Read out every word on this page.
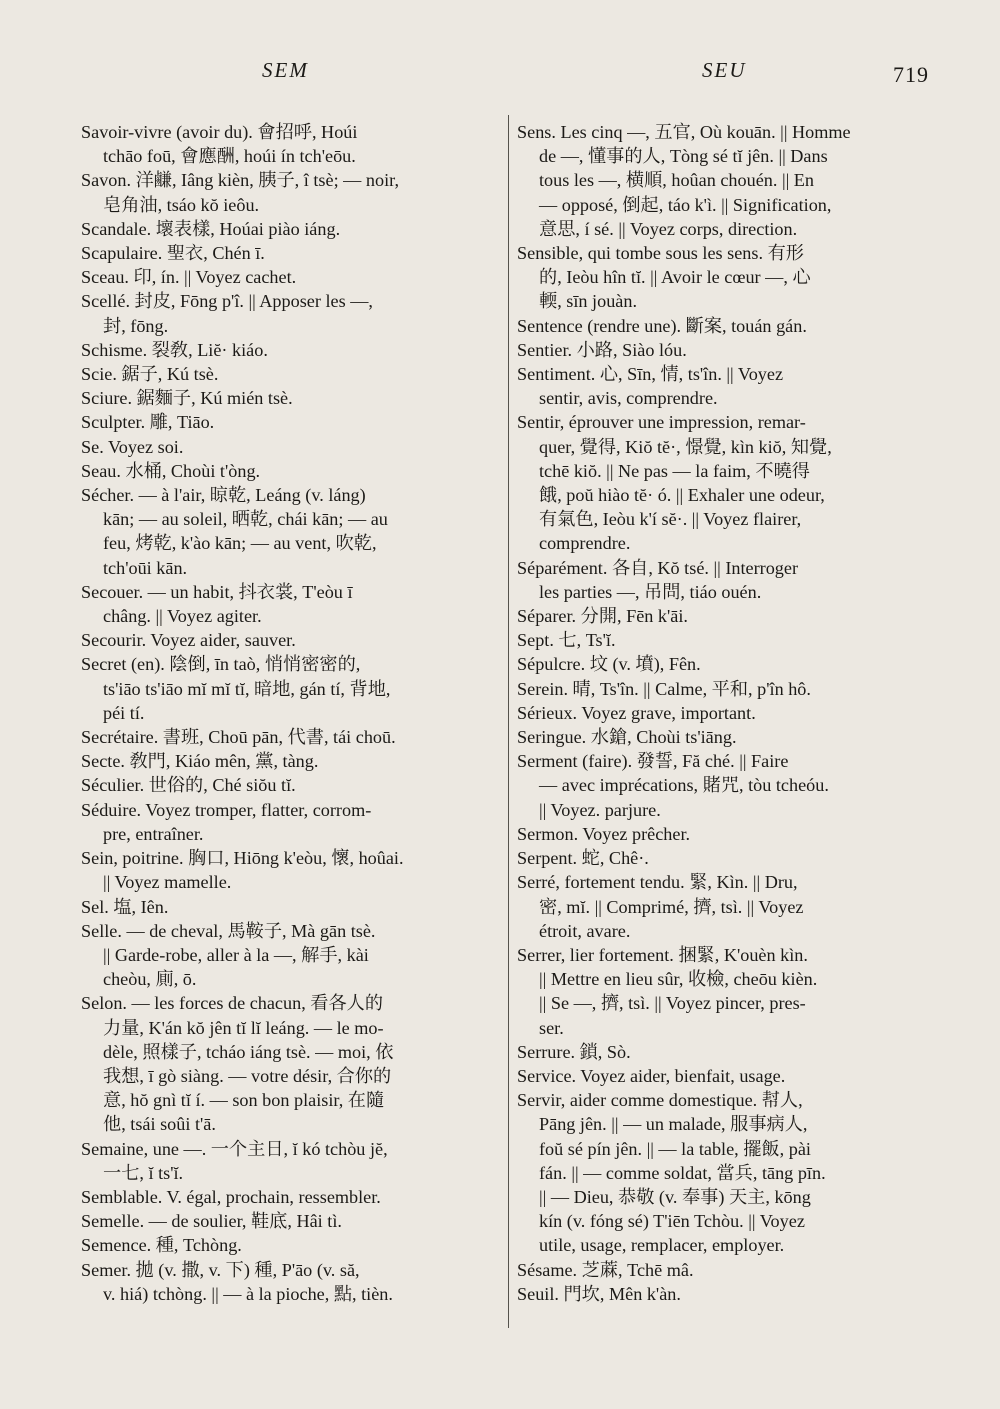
SEM	SEU	719
Savoir-vivre (avoir du). 會招呼, Hoúi
tchāo foū, 會應酬, hoúi ín tch'eōu.
Savon. 洋鹻, Iâng kièn, 胰子, î tsè; — noir,
皂角油, tsáo kŏ ieôu.
Scandale. 壞表樣, Hoúai piào iáng.
Scapulaire. 聖衣, Chén ī.
Sceau. 印, ín. || Voyez cachet.
Scellé. 封皮, Fōng p'î. || Apposer les —,
封, fōng.
Schisme. 裂敎, Liĕ· kiáo.
Scie. 鋸子, Kú tsè.
Sciure. 鋸麵子, Kú mién tsè.
Sculpter. 雕, Tiāo.
Se. Voyez soi.
Seau. 水桶, Choùi t'òng.
Sécher. — à l'air, 晾乾, Leáng (v. láng)
kān; — au soleil, 晒乾, chái kān; — au
feu, 烤乾, k'ào kān; — au vent, 吹乾,
tch'oūi kān.
Secouer. — un habit, 抖衣裳, T'eòu ī
châng. || Voyez agiter.
Secourir. Voyez aider, sauver.
Secret (en). 陰倒, īn taò, 悄悄密密的,
ts'iāo ts'iāo mĭ mĭ tĭ, 暗地, gán tí, 背地,
péi tí.
Secrétaire. 書班, Choū pān, 代書, tái choū.
Secte. 敎門, Kiáo mên, 黨, tàng.
Séculier. 世俗的, Ché siŏu tĭ.
Séduire. Voyez tromper, flatter, corrom-
pre, entraîner.
Sein, poitrine. 胸口, Hiōng k'eòu, 懷, hoûai.
|| Voyez mamelle.
Sel. 塩, Iên.
Selle. — de cheval, 馬鞍子, Mà gān tsè.
|| Garde-robe, aller à la —, 解手, kài
cheòu, 廁, ō.
Selon. — les forces de chacun, 看各人的
力量, K'án kŏ jên tĭ lĭ leáng. — le mo-
dèle, 照樣子, tcháo iáng tsè. — moi, 依
我想, ī gò siàng. — votre désir, 合你的
意, hŏ gnì tĭ í. — son bon plaisir, 在隨
他, tsái soûi t'ā.
Semaine, une —. 一个主日, ĭ kó tchòu jĕ,
一七, ĭ ts'ĭ.
Semblable. V. égal, prochain, ressembler.
Semelle. — de soulier, 鞋底, Hâi tì.
Semence. 種, Tchòng.
Semer. 拋 (v. 撒, v. 下) 種, P'āo (v. să,
v. hiá) tchòng. || — à la pioche, 點, tièn.
Sens. Les cinq —, 五官, Où kouān. || Homme
de —, 懂事的人, Tòng sé tĭ jên. || Dans
tous les —, 横順, hoûan chouén. || En
— opposé, 倒起, táo k'ì. || Signification,
意思, í sé. || Voyez corps, direction.
Sensible, qui tombe sous les sens. 有形
的, Ieòu hîn tĭ. || Avoir le cœur —, 心
輭, sīn jouàn.
Sentence (rendre une). 斷案, touán gán.
Sentier. 小路, Siào lóu.
Sentiment. 心, Sīn, 情, ts'în. || Voyez
sentir, avis, comprendre.
Sentir, éprouver une impression, remar-
quer, 覺得, Kiŏ tĕ·, 憬覺, kìn kiŏ, 知覺,
tchē kiŏ. || Ne pas — la faim, 不曉得
餓, poŭ hiào tĕ· ó. || Exhaler une odeur,
有氣色, Ieòu k'í sĕ·. || Voyez flairer,
comprendre.
Séparément. 各自, Kŏ tsé. || Interroger
les parties —, 吊問, tiáo ouén.
Séparer. 分開, Fēn k'āi.
Sept. 七, Ts'ĭ.
Sépulcre. 坟 (v. 墳), Fên.
Serein. 晴, Ts'în. || Calme, 平和, p'în hô.
Sérieux. Voyez grave, important.
Seringue. 水鎗, Choùi ts'iāng.
Serment (faire). 發誓, Fă ché. || Faire
— avec imprécations, 賭咒, tòu tcheóu.
|| Voyez. parjure.
Sermon. Voyez prêcher.
Serpent. 蛇, Chê·.
Serré, fortement tendu. 緊, Kìn. || Dru,
密, mĭ. || Comprimé, 擠, tsì. || Voyez
étroit, avare.
Serrer, lier fortement. 捆緊, K'ouèn kìn.
|| Mettre en lieu sûr, 收檢, cheōu kièn.
|| Se —, 擠, tsì. || Voyez pincer, pres-
ser.
Serrure. 鎖, Sò.
Service. Voyez aider, bienfait, usage.
Servir, aider comme domestique. 幇人,
Pāng jên. || — un malade, 服事病人,
foŭ sé pín jên. || — la table, 擺飯, pài
fán. || — comme soldat, 當兵, tāng pīn.
|| — Dieu, 恭敬 (v. 奉事) 天主, kōng
kín (v. fóng sé) T'iēn Tchòu. || Voyez
utile, usage, remplacer, employer.
Sésame. 芝蔴, Tchē mâ.
Seuil. 門坎, Mên k'àn.
